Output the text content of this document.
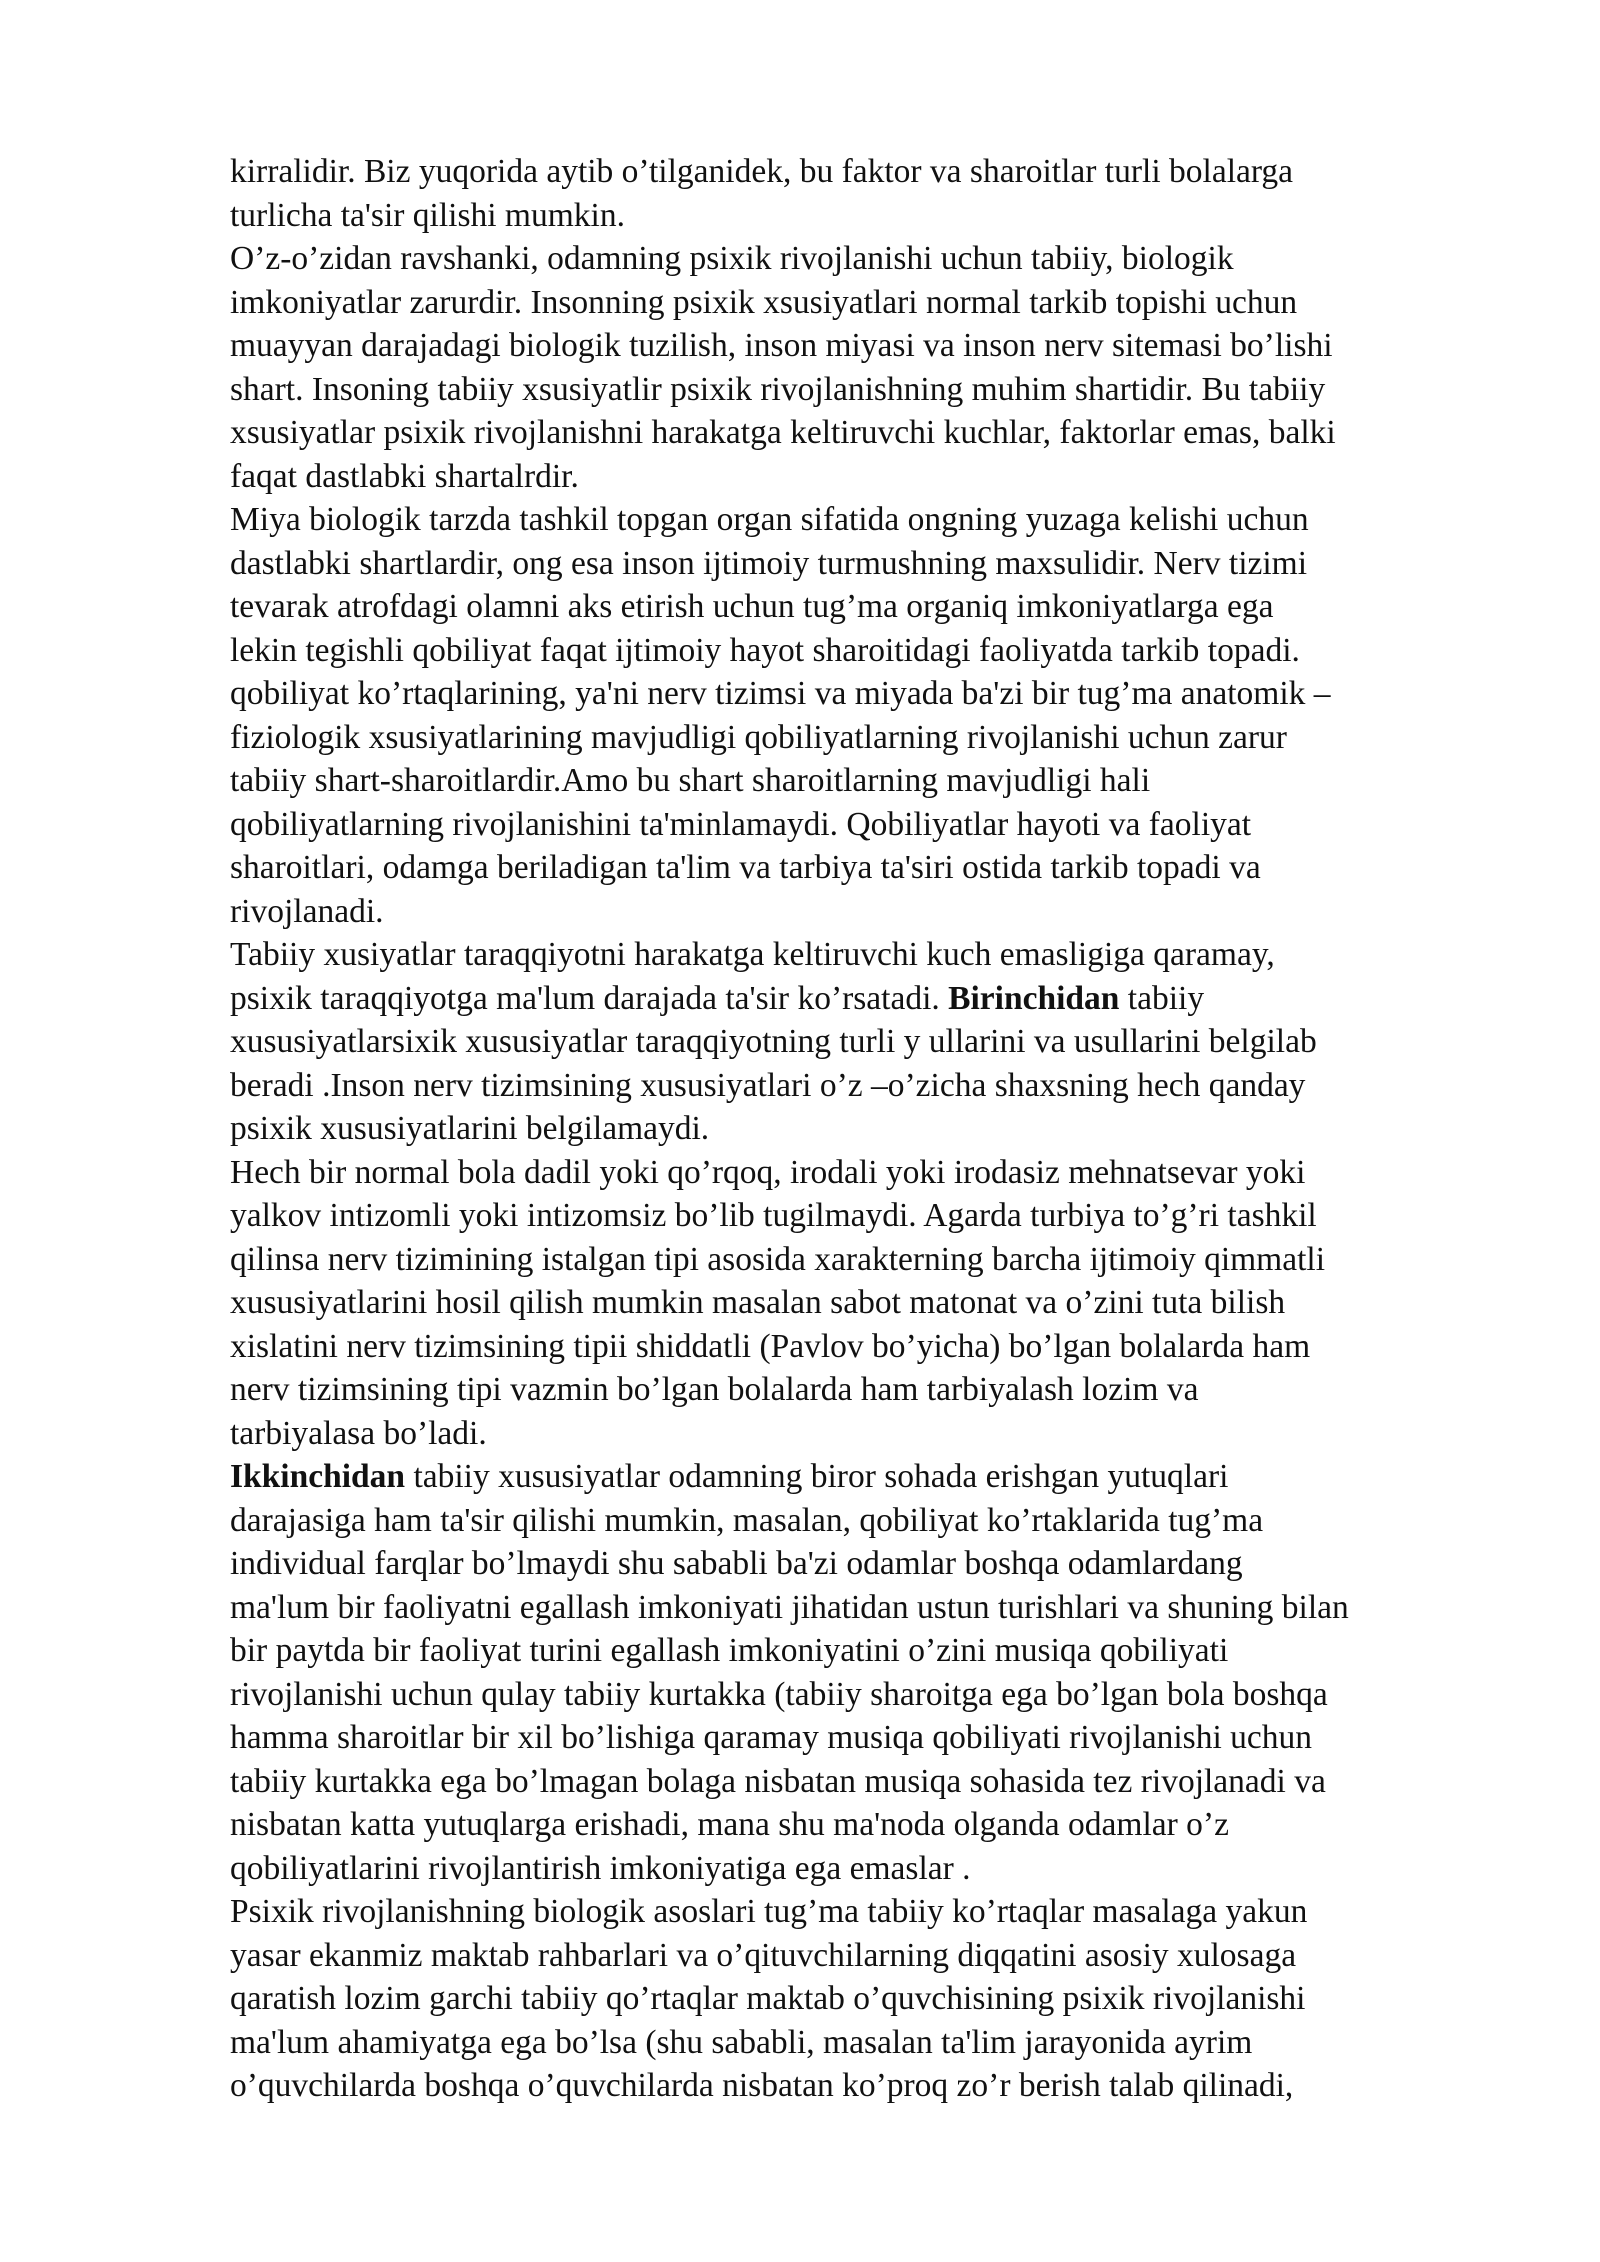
kirralidir. Biz yuqorida aytib o’tilganidek, bu faktor va sharoitlar turli bolalarga
turlicha ta'sir qilishi mumkin.
O’z-o’zidan ravshanki, odamning psixik rivojlanishi uchun tabiiy, biologik
imkoniyatlar zarurdir. Insonning psixik xsusiyatlari normal tarkib topishi uchun
muayyan darajadagi biologik tuzilish, inson miyasi va inson nerv sitemasi bo’lishi
shart. Insoning tabiiy xsusiyatlir psixik rivojlanishning muhim shartidir. Bu tabiiy
xsusiyatlar psixik rivojlanishni harakatga keltiruvchi kuchlar, faktorlar emas, balki
faqat dastlabki shartalrdir.
Miya biologik tarzda tashkil topgan organ sifatida ongning yuzaga kelishi uchun
dastlabki shartlardir, ong esa inson ijtimoiy turmushning maxsulidir. Nerv tizimi
tevarak atrofdagi olamni aks etirish uchun tug’ma organiq imkoniyatlarga ega
lekin tegishli qobiliyat faqat ijtimoiy hayot sharoitidagi faoliyatda tarkib topadi.
qobiliyat ko’rtaqlarining, ya'ni nerv tizimsi va miyada ba'zi bir tug’ma anatomik –
fiziologik xsusiyatlarining mavjudligi qobiliyatlarning rivojlanishi uchun zarur
tabiiy shart-sharoitlardir.Amo bu shart sharoitlarning mavjudligi hali
qobiliyatlarning rivojlanishini ta'minlamaydi. Qobiliyatlar hayoti va faoliyat
sharoitlari, odamga beriladigan ta'lim va tarbiya ta'siri ostida tarkib topadi va
rivojlanadi.
Tabiiy xusiyatlar taraqqiyotni harakatga keltiruvchi kuch emasligiga qaramay,
psixik taraqqiyotga ma'lum darajada ta'sir ko’rsatadi. Birinchidan tabiiy
xususiyatlarsixik xususiyatlar taraqqiyotning turli y ullarini va usullarini belgilab
beradi .Inson nerv tizimsining xususiyatlari o’z –o’zicha shaxsning hech qanday
psixik xususiyatlarini belgilamaydi.
Hech bir normal bola dadil yoki qo’rqoq, irodali yoki irodasiz mehnatsevar yoki
yalkov intizomli yoki intizomsiz bo’lib tugilmaydi. Agarda turbiya to’g’ri tashkil
qilinsa nerv tizimining istalgan tipi asosida xarakterning barcha ijtimoiy qimmatli
xususiyatlarini hosil qilish mumkin masalan sabot matonat va o’zini tuta bilish
xislatini nerv tizimsining tipii shiddatli (Pavlov bo’yicha) bo’lgan bolalarda ham
nerv tizimsining tipi vazmin bo’lgan bolalarda ham tarbiyalash lozim va
tarbiyalasa bo’ladi.
Ikkinchidan tabiiy xususiyatlar odamning biror sohada erishgan yutuqlari
darajasiga ham ta'sir qilishi mumkin, masalan, qobiliyat ko’rtaklarida tug’ma
individual farqlar bo’lmaydi shu sababli ba'zi odamlar boshqa odamlardang
ma'lum bir faoliyatni egallash imkoniyati jihatidan ustun turishlari va shuning bilan
bir paytda bir faoliyat turini egallash imkoniyatini o’zini musiqa qobiliyati
rivojlanishi uchun qulay tabiiy kurtakka (tabiiy sharoitga ega bo’lgan bola boshqa
hamma sharoitlar bir xil bo’lishiga qaramay musiqa qobiliyati rivojlanishi uchun
tabiiy kurtakka ega bo’lmagan bolaga nisbatan musiqa sohasida tez rivojlanadi va
nisbatan katta yutuqlarga erishadi, mana shu ma'noda olganda odamlar o’z
qobiliyatlarini rivojlantirish imkoniyatiga ega emaslar .
Psixik rivojlanishning biologik asoslari tug’ma tabiiy ko’rtaqlar masalaga yakun
yasar ekanmiz maktab rahbarlari va o’qituvchilarning diqqatini asosiy xulosaga
qaratish lozim garchi tabiiy qo’rtaqlar maktab o’quvchisining psixik rivojlanishi
ma'lum ahamiyatga ega bo’lsa (shu sababli, masalan ta'lim jarayonida ayrim
o’quvchilarda boshqa o’quvchilarda nisbatan ko’proq zo’r berish talab qilinadi,
